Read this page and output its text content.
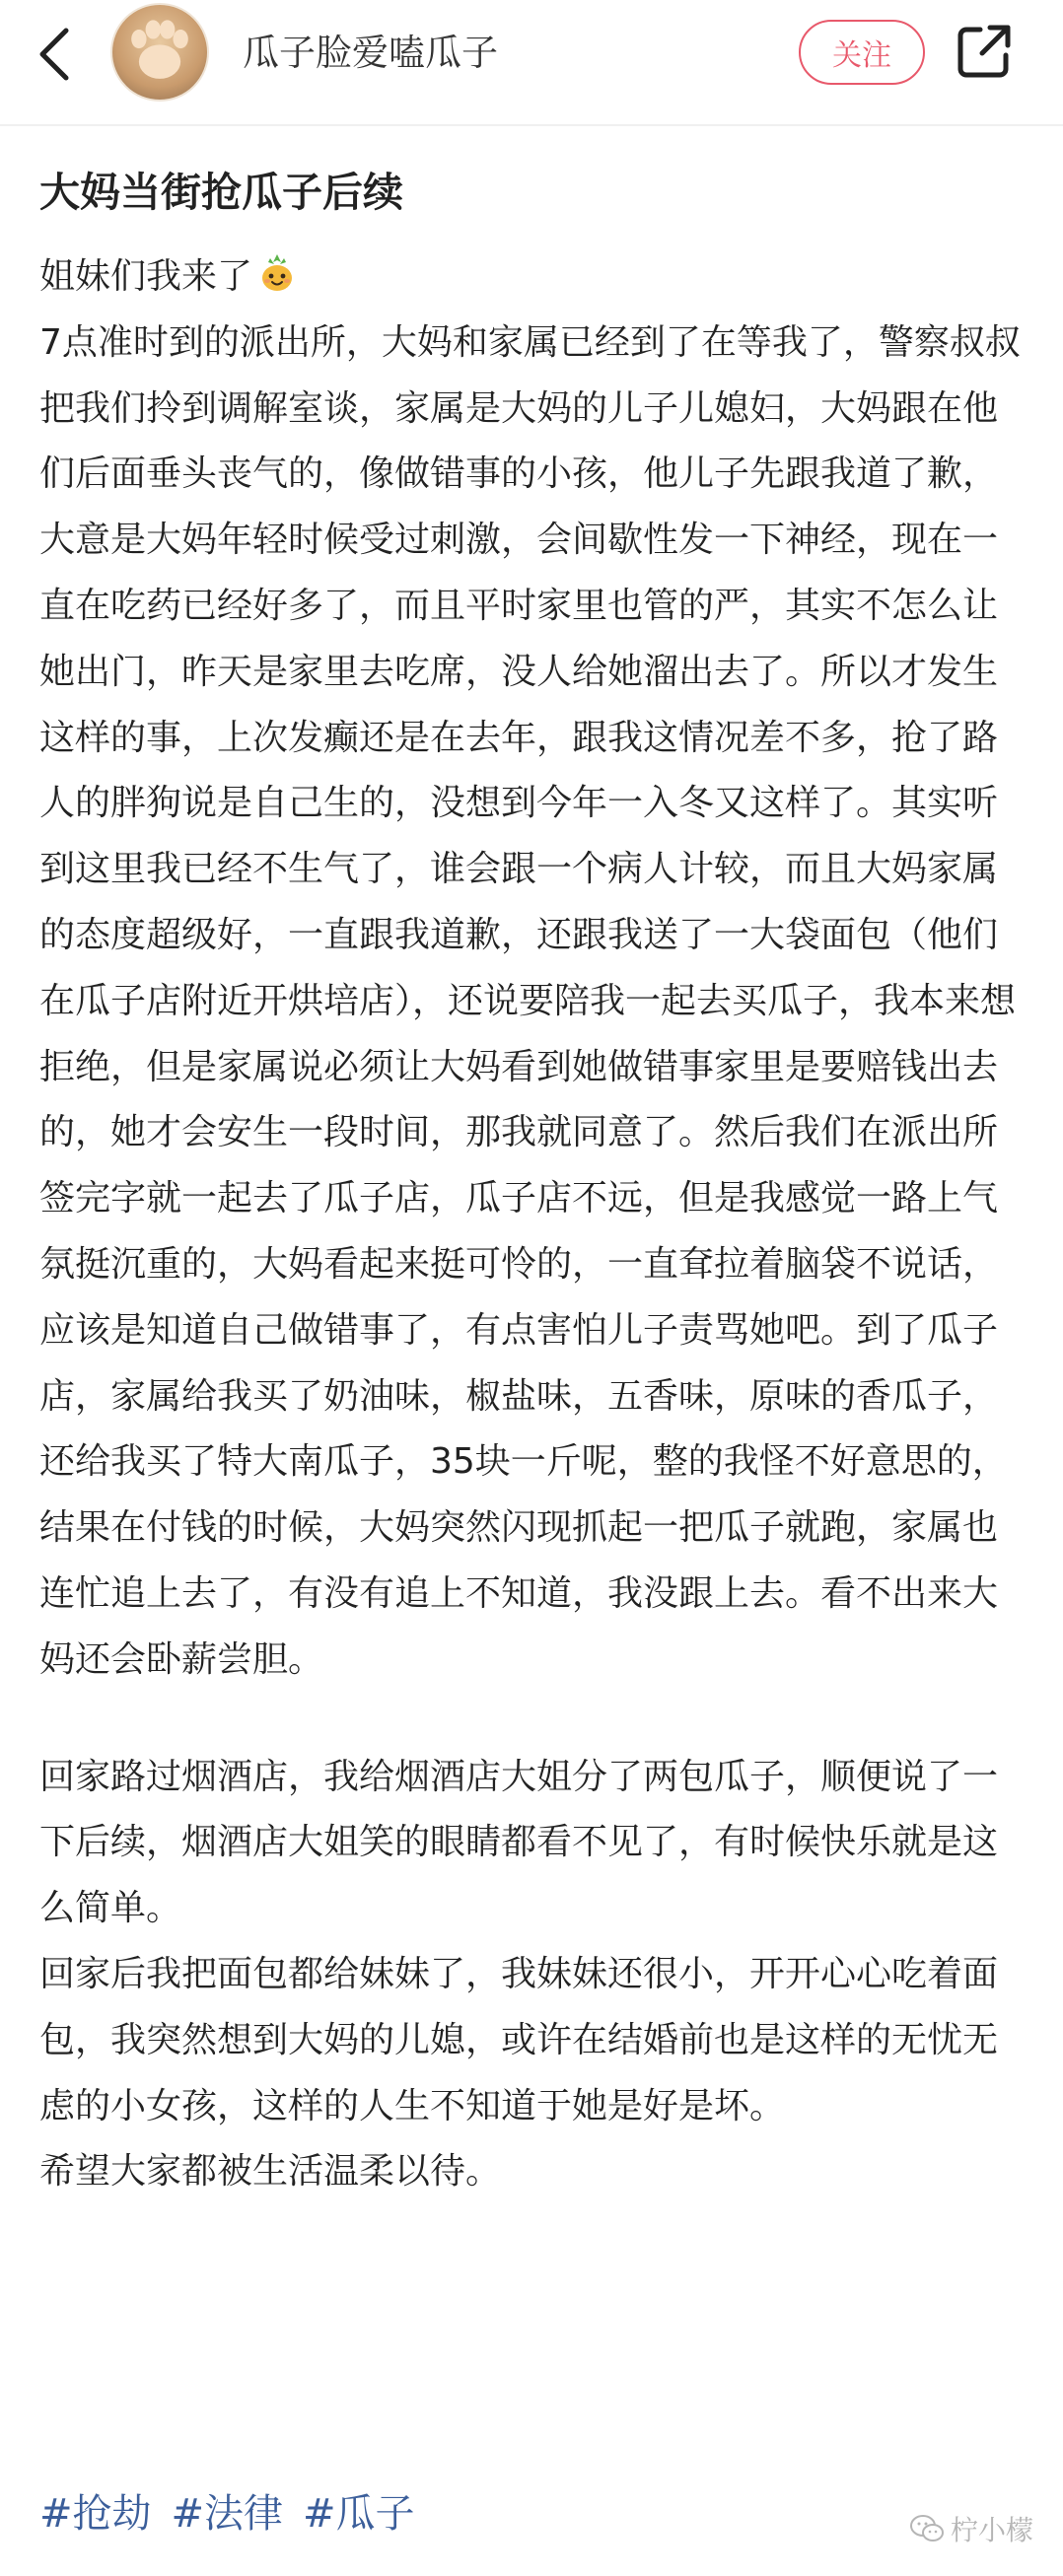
瓜子脸爱嗑瓜子	关注
大妈当街抢瓜子后续

姐妹们我来了

7点准时到的派出所，大妈和家属已经到了在等我了，警察叔叔把我们拎到调解室谈，家属是大妈的儿子儿媳妇，大妈跟在他们后面垂头丧气的，像做错事的小孩，他儿子先跟我道了歉，大意是大妈年轻时候受过刺激，会间歇性发一下神经，现在一直在吃药已经好多了，而且平时家里也管的严，其实不怎么让她出门，昨天是家里去吃席，没人给她溜出去了。所以才发生这样的事，上次发癫还是在去年，跟我这情况差不多，抢了路人的胖狗说是自己生的，没想到今年一入冬又这样了。其实听到这里我已经不生气了，谁会跟一个病人计较，而且大妈家属的态度超级好，一直跟我道歉，还跟我送了一大袋面包（他们在瓜子店附近开烘培店），还说要陪我一起去买瓜子，我本来想拒绝，但是家属说必须让大妈看到她做错事家里是要赔钱出去的，她才会安生一段时间，那我就同意了。然后我们在派出所签完字就一起去了瓜子店，瓜子店不远，但是我感觉一路上气氛挺沉重的，大妈看起来挺可怜的，一直耷拉着脑袋不说话，应该是知道自己做错事了，有点害怕儿子责骂她吧。到了瓜子店，家属给我买了奶油味，椒盐味，五香味，原味的香瓜子，还给我买了特大南瓜子，35块一斤呢，整的我怪不好意思的，结果在付钱的时候，大妈突然闪现抓起一把瓜子就跑，家属也连忙追上去了，有没有追上不知道，我没跟上去。看不出来大妈还会卧薪尝胆。

回家路过烟酒店，我给烟酒店大姐分了两包瓜子，顺便说了一下后续，烟酒店大姐笑的眼睛都看不见了，有时候快乐就是这么简单。

回家后我把面包都给妹妹了，我妹妹还很小，开开心心吃着面包，我突然想到大妈的儿媳，或许在结婚前也是这样的无忧无虑的小女孩，这样的人生不知道于她是好是坏。

希望大家都被生活温柔以待。

#抢劫 #法律 #瓜子	柠小檬
